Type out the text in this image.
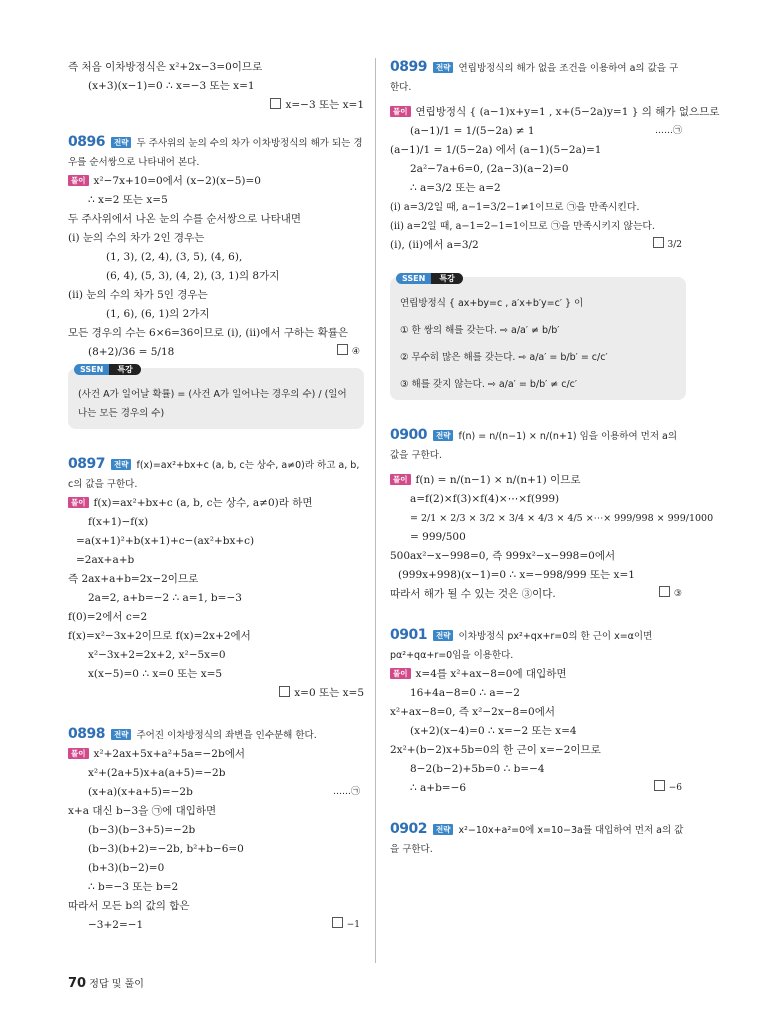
즉 처음 이차방정식은 x²+2x−3=0이므로
(x+3)(x−1)=0 ∴ x=−3 또는 x=1
x=−3 또는 x=1
0896 전략 두 주사위의 눈의 수의 차가 이차방정식의 해가 되는 경우를 순서쌍으로 나타내어 본다.
풀이 x²−7x+10=0에서 (x−2)(x−5)=0
∴ x=2 또는 x=5
두 주사위에서 나온 눈의 수를 순서쌍으로 나타내면
(i) 눈의 수의 차가 2인 경우는
(1, 3), (2, 4), (3, 5), (4, 6),
(6, 4), (5, 3), (4, 2), (3, 1)의 8가지
(ii) 눈의 수의 차가 5인 경우는
(1, 6), (6, 1)의 2가지
모든 경우의 수는 6×6=36이므로 (i), (ii)에서 구하는 확률은
(8+2)/36 = 5/18	④
SSEN 특강
(사건 A가 일어날 확률) = (사건 A가 일어나는 경우의 수) / (일어나는 모든 경우의 수)
0897 전략 f(x)=ax²+bx+c (a, b, c는 상수, a≠0)라 하고 a, b, c의 값을 구한다.
풀이 f(x)=ax²+bx+c (a, b, c는 상수, a≠0)라 하면
f(x+1)−f(x)
=a(x+1)²+b(x+1)+c−(ax²+bx+c)
=2ax+a+b
즉 2ax+a+b=2x−2이므로
2a=2, a+b=−2 ∴ a=1, b=−3
f(0)=2에서 c=2
f(x)=x²−3x+2이므로 f(x)=2x+2에서
x²−3x+2=2x+2, x²−5x=0
x(x−5)=0 ∴ x=0 또는 x=5
x=0 또는 x=5
0898 전략 주어진 이차방정식의 좌변을 인수분해 한다.
풀이 x²+2ax+5x+a²+5a=−2b에서
x²+(2a+5)x+a(a+5)=−2b
(x+a)(x+a+5)=−2b	……㉠
x+a 대신 b−3을 ㉠에 대입하면
(b−3)(b−3+5)=−2b
(b−3)(b+2)=−2b, b²+b−6=0
(b+3)(b−2)=0
∴ b=−3 또는 b=2
따라서 모든 b의 값의 합은
−3+2=−1	−1
0899 전략 연립방정식의 해가 없을 조건을 이용하여 a의 값을 구한다.
풀이 연립방정식 { (a−1)x+y=1 , x+(5−2a)y=1 } 의 해가 없으므로
(a−1)/1 = 1/(5−2a) ≠ 1	……㉠
(a−1)/1 = 1/(5−2a) 에서 (a−1)(5−2a)=1
2a²−7a+6=0, (2a−3)(a−2)=0
∴ a=3/2 또는 a=2
(i) a=3/2일 때, a−1=3/2−1≠1이므로 ㉠을 만족시킨다.
(ii) a=2일 때, a−1=2−1=1이므로 ㉠을 만족시키지 않는다.
(i), (ii)에서 a=3/2	3/2
SSEN 특강
연립방정식 { ax+by=c , a′x+b′y=c′ } 이
① 한 쌍의 해를 갖는다. ⇨ a/a′ ≠ b/b′
② 무수히 많은 해를 갖는다. ⇨ a/a′ = b/b′ = c/c′
③ 해를 갖지 않는다. ⇨ a/a′ = b/b′ ≠ c/c′
0900 전략 f(n) = n/(n−1) × n/(n+1) 임을 이용하여 먼저 a의 값을 구한다.
풀이 f(n) = n/(n−1) × n/(n+1) 이므로
a=f(2)×f(3)×f(4)×⋯×f(999)
= 2/1 × 2/3 × 3/2 × 3/4 × 4/3 × 4/5 ×⋯× 999/998 × 999/1000
= 999/500
500ax²−x−998=0, 즉 999x²−x−998=0에서
(999x+998)(x−1)=0 ∴ x=−998/999 또는 x=1
따라서 해가 될 수 있는 것은 ③이다.	③
0901 전략 이차방정식 px²+qx+r=0의 한 근이 x=α이면 pα²+qα+r=0임을 이용한다.
풀이 x=4를 x²+ax−8=0에 대입하면
16+4a−8=0 ∴ a=−2
x²+ax−8=0, 즉 x²−2x−8=0에서
(x+2)(x−4)=0 ∴ x=−2 또는 x=4
2x²+(b−2)x+5b=0의 한 근이 x=−2이므로
8−2(b−2)+5b=0 ∴ b=−4
∴ a+b=−6	−6
0902 전략 x²−10x+a²=0에 x=10−3a를 대입하여 먼저 a의 값을 구한다.
70 정답 및 풀이
